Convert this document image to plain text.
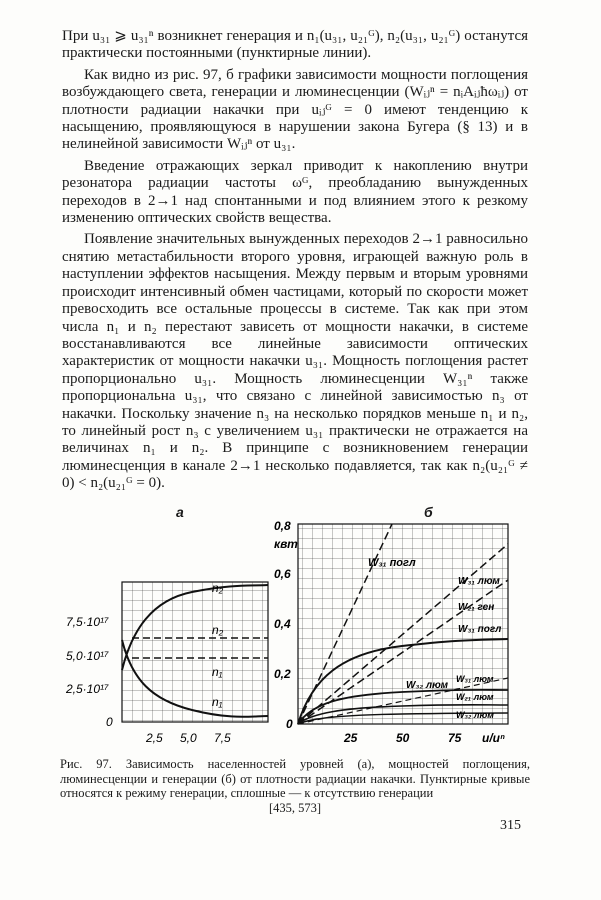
При u₃₁ ⩾ u₃₁ⁿ возникнет генерация и n₁(u₃₁, u₂₁ᴳ), n₂(u₃₁, u₂₁ᴳ) останутся практически постоянными (пунктирные линии).

Как видно из рис. 97, б графики зависимости мощности поглощения возбуждающего света, генерации и люминесценции (Wᵢⱼⁿ = nᵢAᵢⱼħωᵢⱼ) от плотности радиации накачки при uᵢⱼᴳ = 0 имеют тенденцию к насыщению, проявляющуюся в нарушении закона Бугера (§ 13) и в нелинейной зависимости Wᵢⱼⁿ от u₃₁.

Введение отражающих зеркал приводит к накоплению внутри резонатора радиации частоты ωᴳ, преобладанию вынужденных переходов в 2→1 над спонтанными и под влиянием этого к резкому изменению оптических свойств вещества.

Появление значительных вынужденных переходов 2→1 равносильно снятию метастабильности второго уровня, играющей важную роль в наступлении эффектов насыщения. Между первым и вторым уровнями происходит интенсивный обмен частицами, который по скорости может превосходить все остальные процессы в системе. Так как при этом числа n₁ и n₂ перестают зависеть от мощности накачки, в системе восстанавливаются все линейные зависимости оптических характеристик от мощности накачки u₃₁. Мощность поглощения растет пропорционально u₃₁. Мощность люминесценции W₃₁ⁿ также пропорциональна u₃₁, что связано с линейной зависимостью n₃ от накачки. Поскольку значение n₃ на несколько порядков меньше n₁ и n₂, то линейный рост n₃ с увеличением u₃₁ практически не отражается на величинах n₁ и n₂. В принципе с возникновением генерации люминесценция в канале 2→1 несколько подавляется, так как n₂(u₂₁ᴳ ≠ 0) < n₂(u₂₁ᴳ = 0).

а	б
7,5·10¹⁷
5,0·10¹⁷
2,5·10¹⁷
0
2,5 5,0 7,5
n₂
n₂
n₁
n₁
0,8
квт
0,6
0,4
0,2
0
25	50	75 u/uⁿ
W₃₁ погл
W₃₁ люм
W₂₁ ген
W₃₁ погл
W₃₂ люм
W₃₁ люм
W₂₁ люм
W₃₂ люм
Рис. 97. Зависимость населенностей уровней (а), мощностей поглощения, люминесценции и генерации (б) от плотности радиации накачки. Пунктирные кривые относятся к режиму генерации, сплошные — к отсутствию генерации
[435, 573]
315
